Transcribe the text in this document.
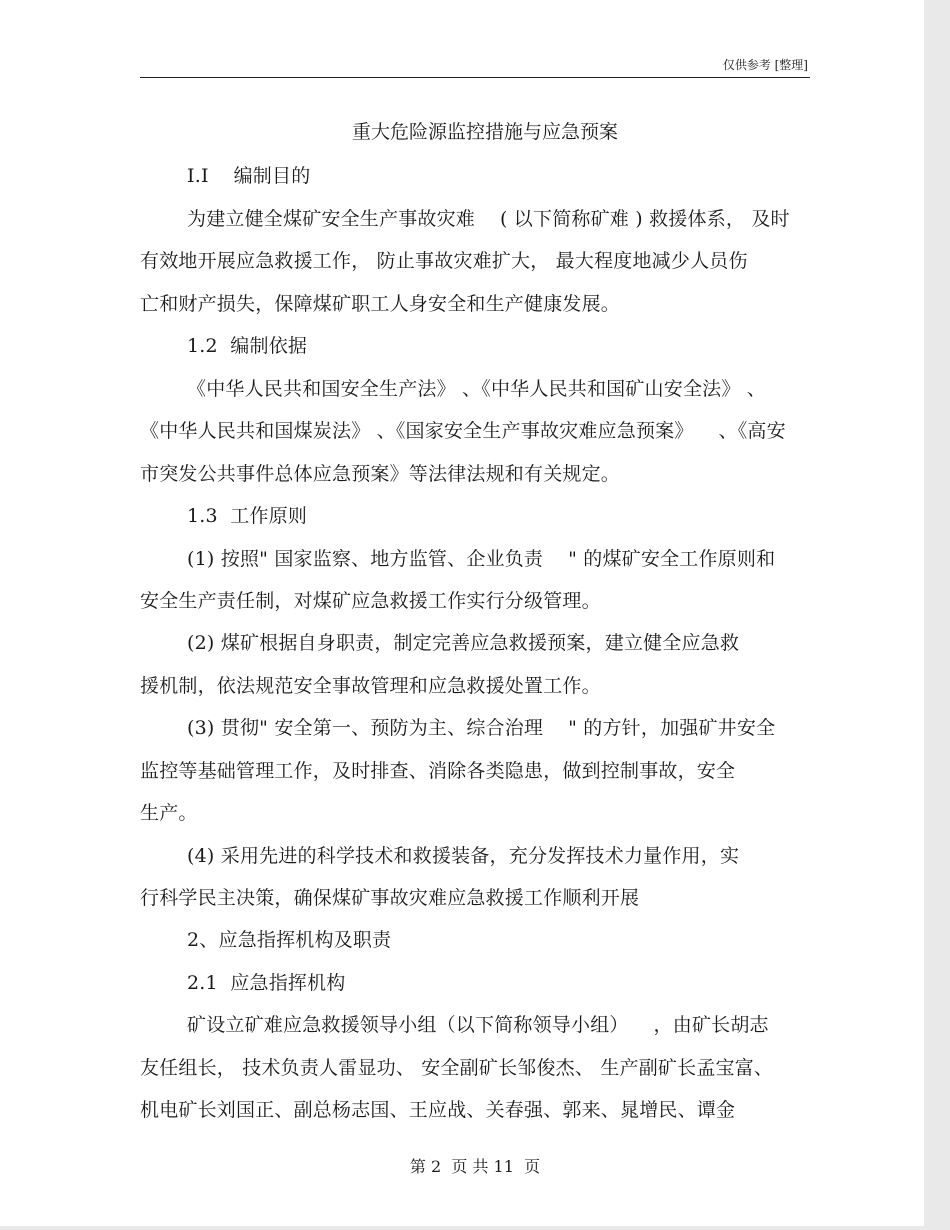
仅供参考 [整理]
重大危险源监控措施与应急预案
I.I    编制目的
为建立健全煤矿安全生产事故灾难    ( 以下简称矿难 ) 救援体系， 及时
有效地开展应急救援工作， 防止事故灾难扩大， 最大程度地减少人员伤
亡和财产损失，保障煤矿职工人身安全和生产健康发展。
1.2  编制依据
《中华人民共和国安全生产法》 、《中华人民共和国矿山安全法》 、
《中华人民共和国煤炭法》 、《国家安全生产事故灾难应急预案》    、《高安
市突发公共事件总体应急预案》等法律法规和有关规定。
1.3  工作原则
(1) 按照" 国家监察、地方监管、企业负责    " 的煤矿安全工作原则和
安全生产责任制，对煤矿应急救援工作实行分级管理。
(2) 煤矿根据自身职责，制定完善应急救援预案，建立健全应急救
援机制，依法规范安全事故管理和应急救援处置工作。
(3) 贯彻" 安全第一、预防为主、综合治理    " 的方针，加强矿井安全
监控等基础管理工作，及时排查、消除各类隐患，做到控制事故，安全
生产。
(4) 采用先进的科学技术和救援装备，充分发挥技术力量作用，实
行科学民主决策，确保煤矿事故灾难应急救援工作顺利开展
2、应急指挥机构及职责
2.1  应急指挥机构
矿设立矿难应急救援领导小组（以下简称领导小组）    ，由矿长胡志
友任组长， 技术负责人雷显功、 安全副矿长邹俊杰、 生产副矿长孟宝富、
机电矿长刘国正、副总杨志国、王应战、关春强、郭来、晁增民、谭金
第 2  页 共 11  页
